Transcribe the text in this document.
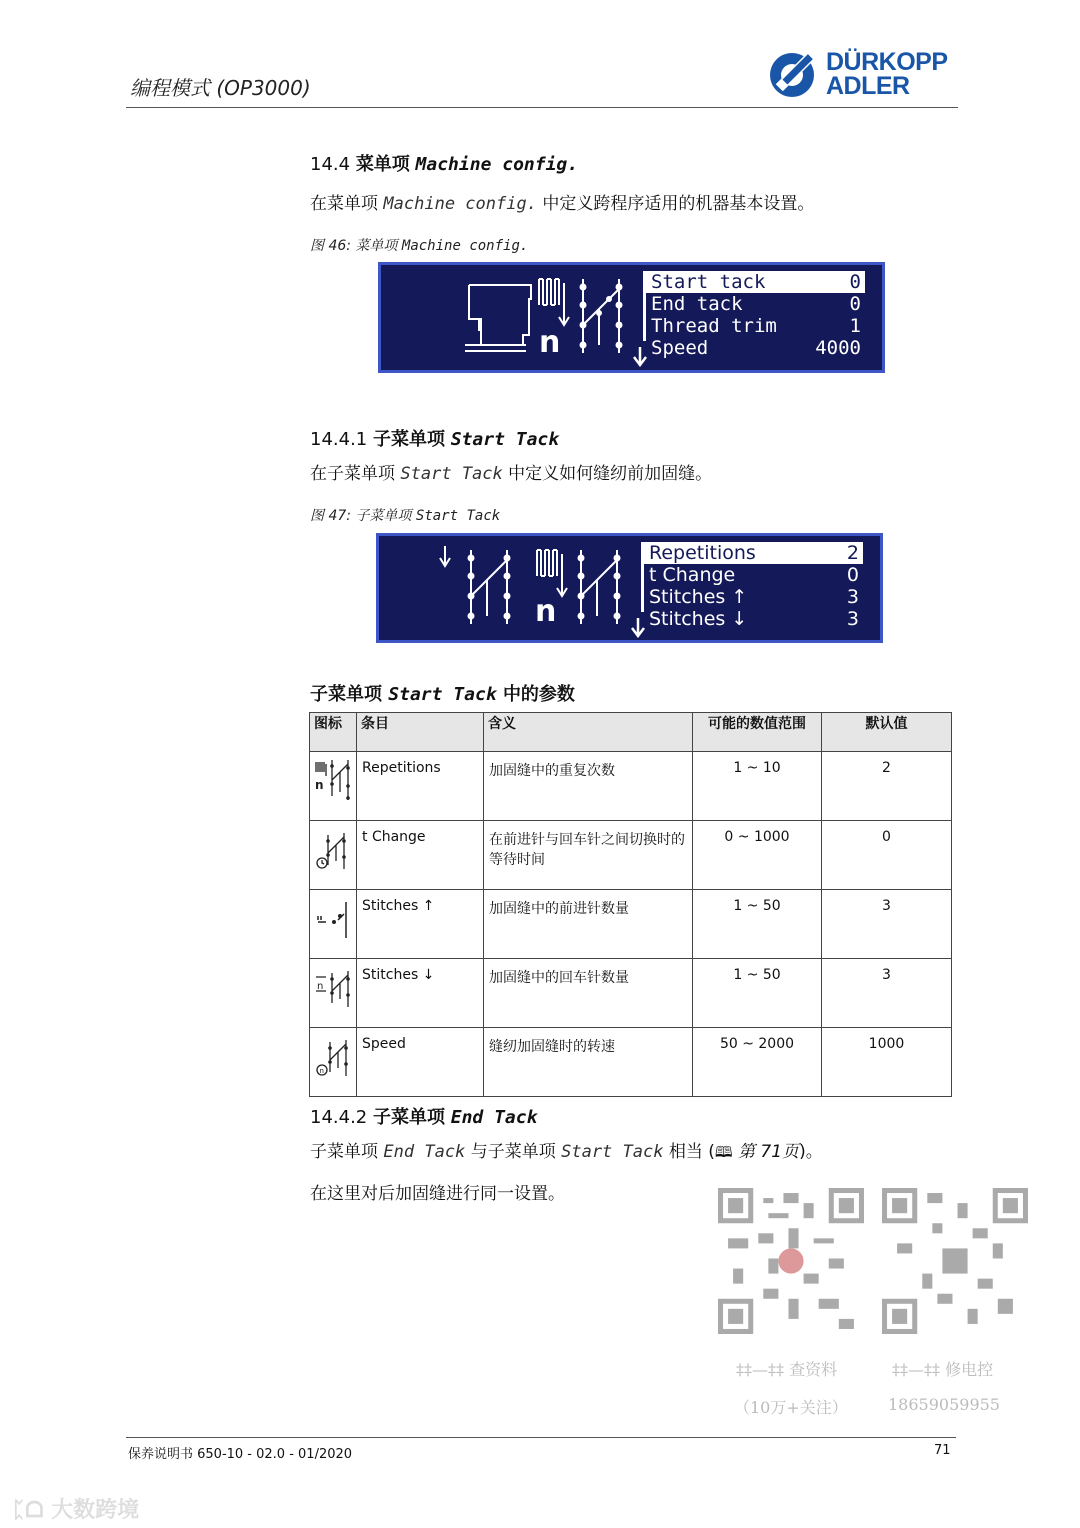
编程模式 (OP3000)
DÜRKOPP
ADLER
14.4 菜单项 Machine config.
在菜单项 Machine config. 中定义跨程序适用的机器基本设置。
图 46: 菜单项 Machine config.
n
Start tack	0
End tack	0
Thread trim	1
Speed	4000
14.4.1 子菜单项 Start Tack
在子菜单项 Start Tack 中定义如何缝纫前加固缝。
图 47: 子菜单项 Start Tack
n
Repetitions	2
t Change	0
Stitches ↑	3
Stitches ↓	3
子菜单项 Start Tack 中的参数
图标	条目	含义	可能的数值范围	默认值

n	Repetitions	加固缝中的重复次数	1 ~ 10	2
	t Change	在前进针与回车针之间切换时的等待时间	0 ~ 1000	0
	Stitches ↑	加固缝中的前进针数量	1 ~ 50	3

n	Stitches ↓	加固缝中的回车针数量	1 ~ 50	3

n	Speed	缝纫加固缝时的转速	50 ~ 2000	1000
14.4.2 子菜单项 End Tack
子菜单项 End Tack 与子菜单项 Start Tack 相当 (🕮 第 71页)。
在这里对后加固缝进行同一设置。
‡‡—‡‡ 查资料	‡‡—‡‡ 修电控
（10万+关注）	18659059955
保养说明书 650-10 - 02.0 - 01/2020	71
ᛈᗝ 大数跨境
